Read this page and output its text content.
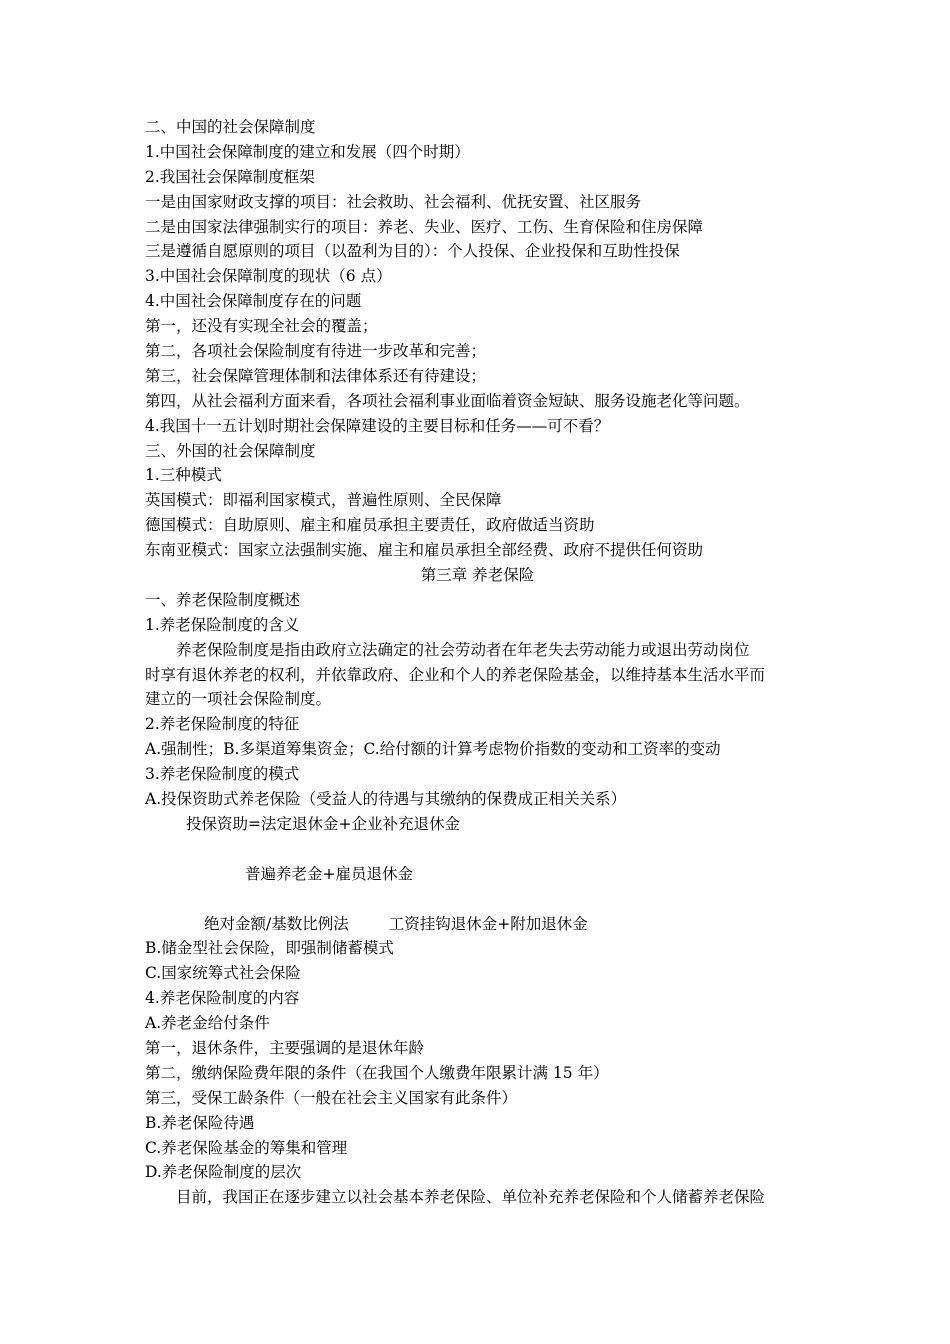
二、中国的社会保障制度
1.中国社会保障制度的建立和发展（四个时期）
2.我国社会保障制度框架
一是由国家财政支撑的项目：社会救助、社会福利、优抚安置、社区服务
二是由国家法律强制实行的项目：养老、失业、医疗、工伤、生育保险和住房保障
三是遵循自愿原则的项目（以盈利为目的）：个人投保、企业投保和互助性投保
3.中国社会保障制度的现状（6 点）
4.中国社会保障制度存在的问题
第一，还没有实现全社会的覆盖；
第二，各项社会保险制度有待进一步改革和完善；
第三，社会保障管理体制和法律体系还有待建设；
第四，从社会福利方面来看，各项社会福利事业面临着资金短缺、服务设施老化等问题。
4.我国十一五计划时期社会保障建设的主要目标和任务——可不看？
三、外国的社会保障制度
1.三种模式
英国模式：即福利国家模式，普遍性原则、全民保障
德国模式：自助原则、雇主和雇员承担主要责任，政府做适当资助
东南亚模式：国家立法强制实施、雇主和雇员承担全部经费、政府不提供任何资助
第三章 养老保险
一、养老保险制度概述
1.养老保险制度的含义
养老保险制度是指由政府立法确定的社会劳动者在年老失去劳动能力或退出劳动岗位
时享有退休养老的权利，并依靠政府、企业和个人的养老保险基金，以维持基本生活水平而
建立的一项社会保险制度。
2.养老保险制度的特征
A.强制性；B.多渠道筹集资金；C.给付额的计算考虑物价指数的变动和工资率的变动
3.养老保险制度的模式
A.投保资助式养老保险（受益人的待遇与其缴纳的保费成正相关关系）
投保资助=法定退休金+企业补充退休金
普遍养老金+雇员退休金
绝对金额/基数比例法	工资挂钩退休金+附加退休金
B.储金型社会保险，即强制储蓄模式
C.国家统筹式社会保险
4.养老保险制度的内容
A.养老金给付条件
第一，退休条件，主要强调的是退休年龄
第二，缴纳保险费年限的条件（在我国个人缴费年限累计满 15 年）
第三，受保工龄条件（一般在社会主义国家有此条件）
B.养老保险待遇
C.养老保险基金的筹集和管理
D.养老保险制度的层次
目前，我国正在逐步建立以社会基本养老保险、单位补充养老保险和个人储蓄养老保险
